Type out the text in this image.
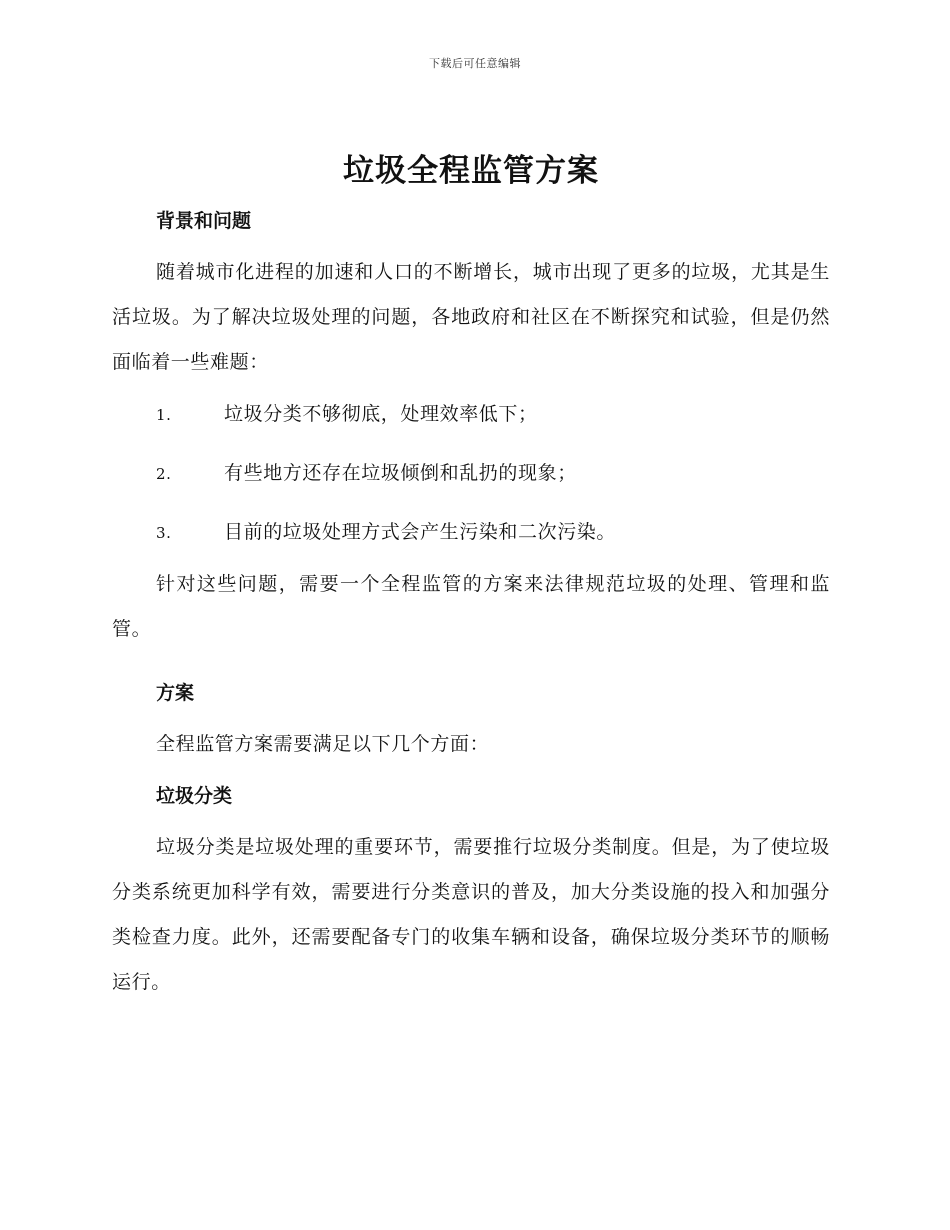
下载后可任意编辑
垃圾全程监管方案
背景和问题

随着城市化进程的加速和人口的不断增长，城市出现了更多的垃圾，尤其是生活垃圾。为了解决垃圾处理的问题，各地政府和社区在不断探究和试验，但是仍然面临着一些难题：

1.	垃圾分类不够彻底，处理效率低下；
2.	有些地方还存在垃圾倾倒和乱扔的现象；
3.	目前的垃圾处理方式会产生污染和二次污染。

针对这些问题，需要一个全程监管的方案来法律规范垃圾的处理、管理和监管。

方案

全程监管方案需要满足以下几个方面：

垃圾分类

垃圾分类是垃圾处理的重要环节，需要推行垃圾分类制度。但是，为了使垃圾分类系统更加科学有效，需要进行分类意识的普及，加大分类设施的投入和加强分类检查力度。此外，还需要配备专门的收集车辆和设备，确保垃圾分类环节的顺畅运行。
